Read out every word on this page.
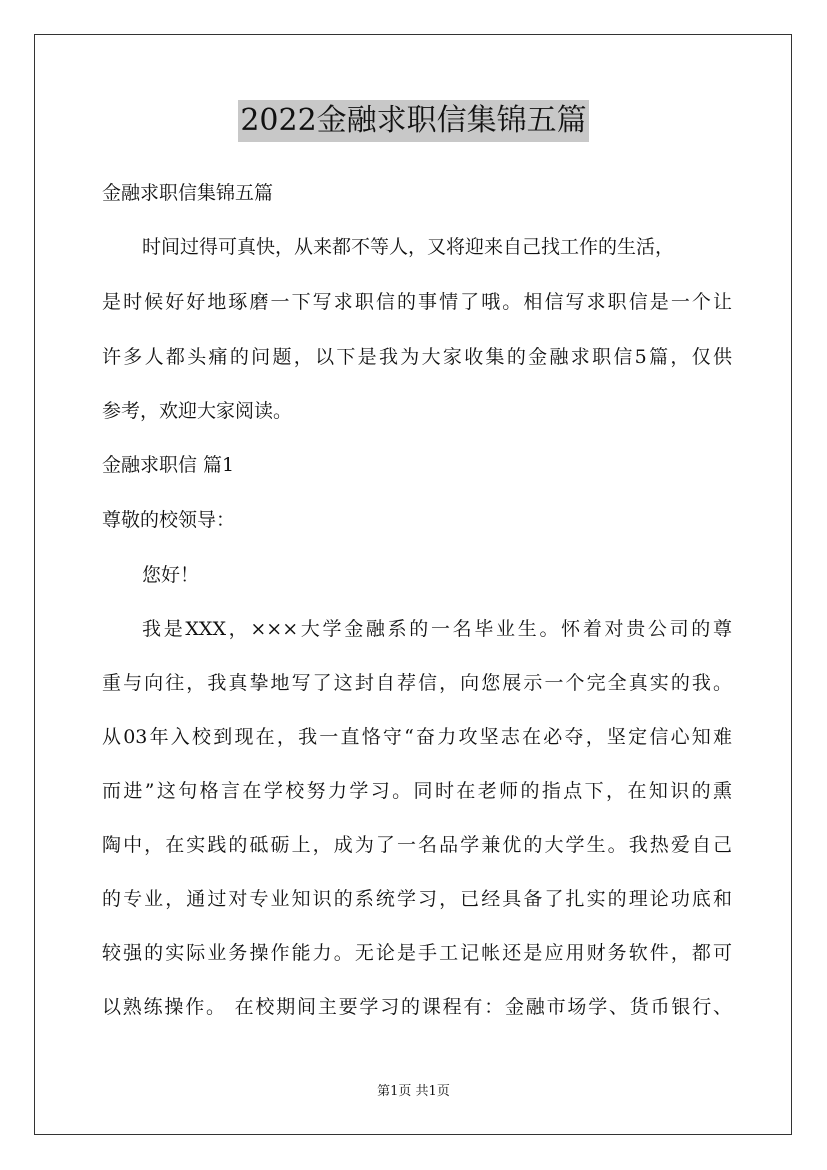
2022金融求职信集锦五篇
金融求职信集锦五篇
时间过得可真快，从来都不等人，又将迎来自己找工作的生活，
是时候好好地琢磨一下写求职信的事情了哦。相信写求职信是一个让
许多人都头痛的问题，以下是我为大家收集的金融求职信5篇，仅供
参考，欢迎大家阅读。
金融求职信 篇1
尊敬的校领导：
您好！
我是XXX，×××大学金融系的一名毕业生。怀着对贵公司的尊
重与向往，我真挚地写了这封自荐信，向您展示一个完全真实的我。
从03年入校到现在，我一直恪守“奋力攻坚志在必夺，坚定信心知难
而进”这句格言在学校努力学习。同时在老师的指点下，在知识的熏
陶中，在实践的砥砺上，成为了一名品学兼优的大学生。我热爱自己
的专业，通过对专业知识的系统学习，已经具备了扎实的理论功底和
较强的实际业务操作能力。无论是手工记帐还是应用财务软件，都可
以熟练操作。 在校期间主要学习的课程有：金融市场学、货币银行、
第1页 共1页
